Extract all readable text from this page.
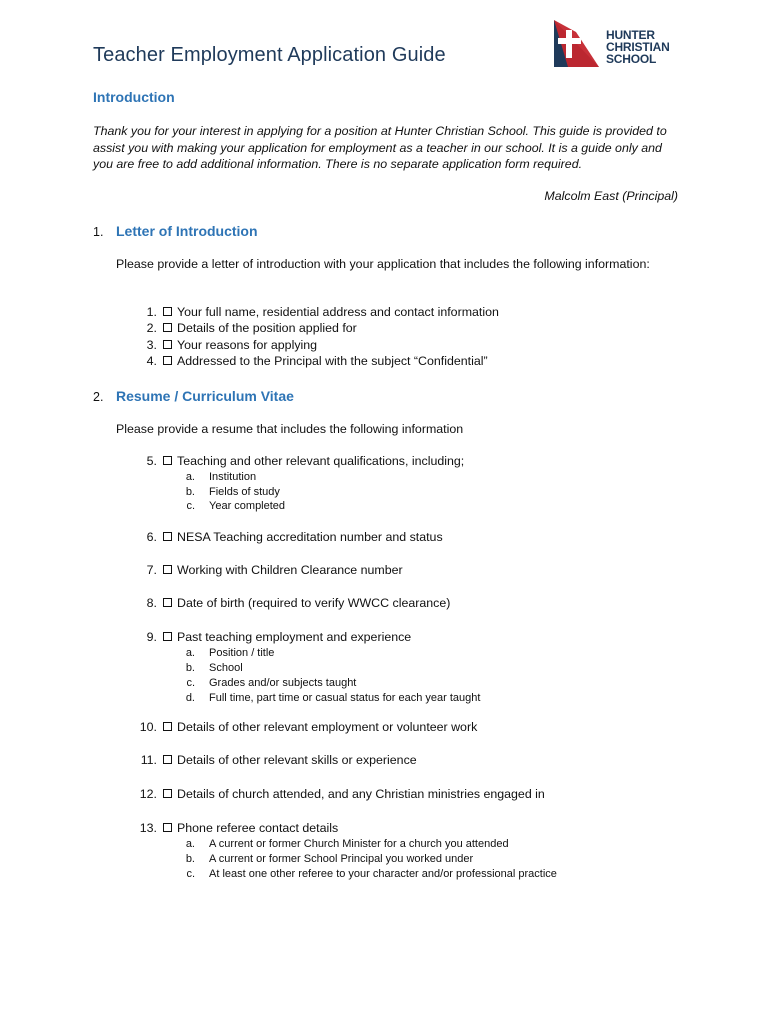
Teacher Employment Application Guide
HUNTER
CHRISTIAN
SCHOOL
Introduction
Thank you for your interest in applying for a position at Hunter Christian School. This guide is provided to assist you with making your application for employment as a teacher in our school. It is a guide only and you are free to add additional information. There is no separate application form required.
Malcolm East (Principal)
1. Letter of Introduction
Please provide a letter of introduction with your application that includes the following information:
1. Your full name, residential address and contact information
2. Details of the position applied for
3. Your reasons for applying
4. Addressed to the Principal with the subject “Confidential”
2. Resume / Curriculum Vitae
Please provide a resume that includes the following information
5. Teaching and other relevant qualifications, including;
a. Institution
b. Fields of study
c. Year completed
6. NESA Teaching accreditation number and status
7. Working with Children Clearance number
8. Date of birth (required to verify WWCC clearance)
9. Past teaching employment and experience
a. Position / title
b. School
c. Grades and/or subjects taught
d. Full time, part time or casual status for each year taught
10. Details of other relevant employment or volunteer work
11. Details of other relevant skills or experience
12. Details of church attended, and any Christian ministries engaged in
13. Phone referee contact details
a. A current or former Church Minister for a church you attended
b. A current or former School Principal you worked under
c. At least one other referee to your character and/or professional practice
